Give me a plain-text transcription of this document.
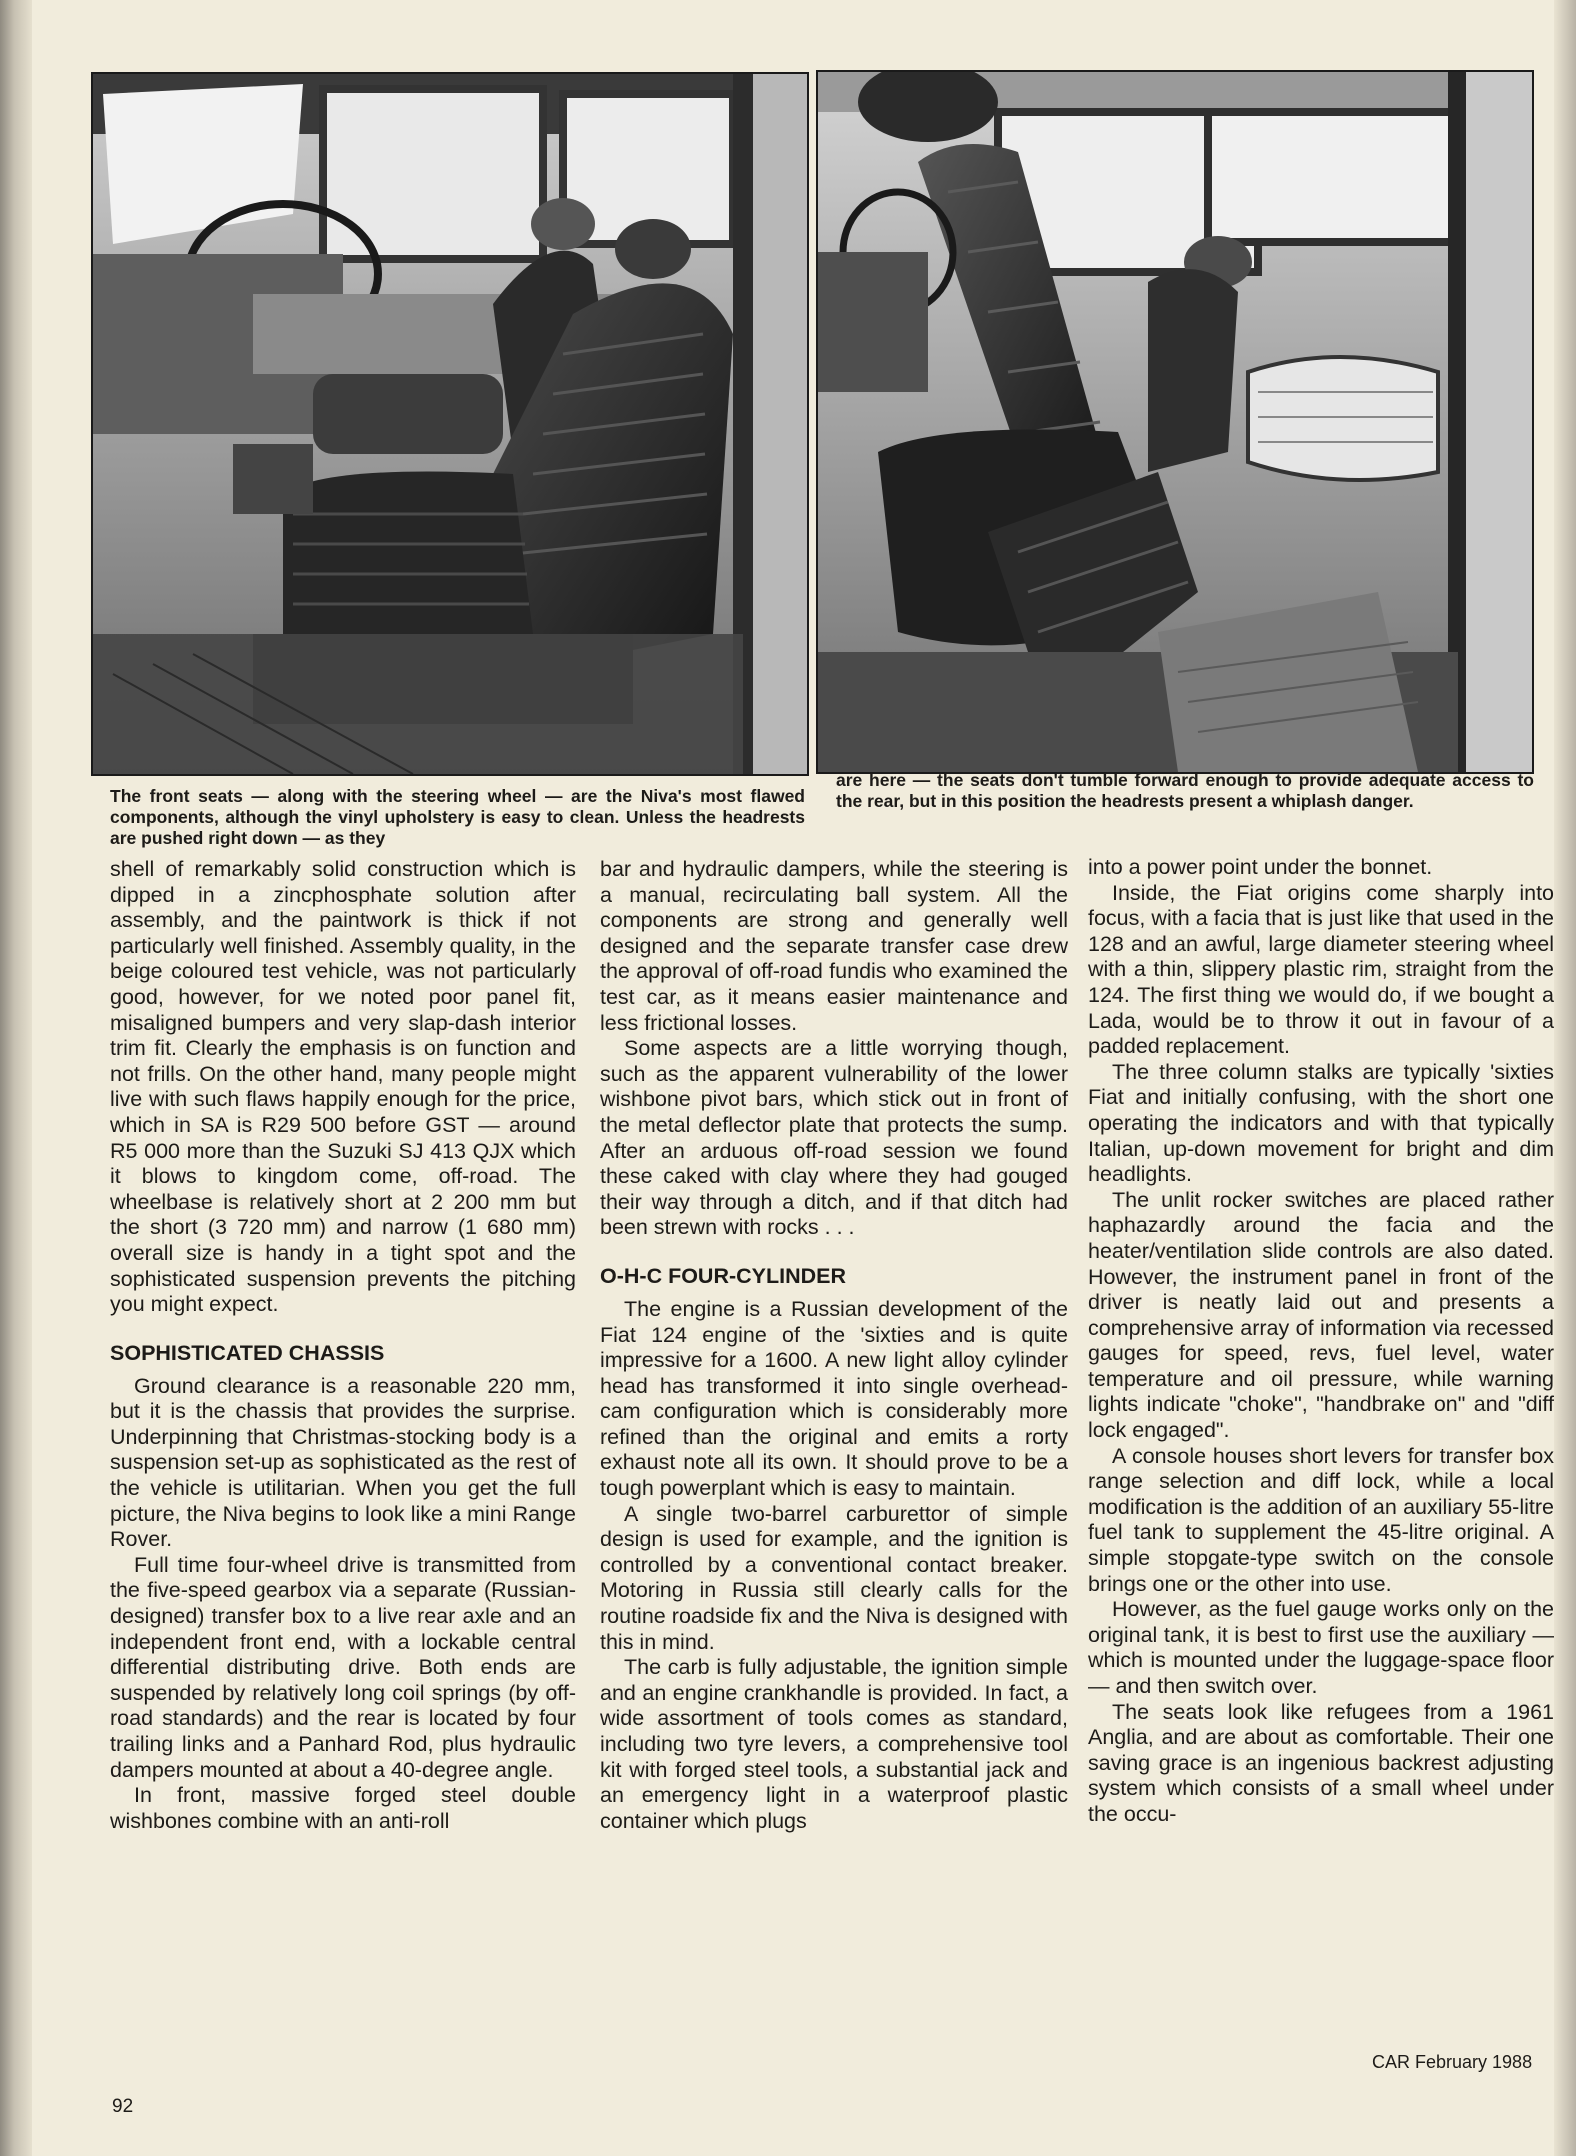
The front seats — along with the steering wheel — are the Niva's most flawed components, although the vinyl upholstery is easy to clean. Unless the headrests are pushed right down — as they

are here — the seats don't tumble forward enough to provide adequate access to the rear, but in this position the headrests present a whiplash danger.

shell of remarkably solid construction which is dipped in a zincphosphate solution after assembly, and the paintwork is thick if not particularly well finished. Assembly quality, in the beige coloured test vehicle, was not particularly good, however, for we noted poor panel fit, misaligned bumpers and very slap-dash interior trim fit. Clearly the emphasis is on function and not frills. On the other hand, many people might live with such flaws happily enough for the price, which in SA is R29 500 before GST — around R5 000 more than the Suzuki SJ 413 QJX which it blows to kingdom come, off-road. The wheelbase is relatively short at 2 200 mm but the short (3 720 mm) and narrow (1 680 mm) overall size is handy in a tight spot and the sophisticated suspension prevents the pitching you might expect.

SOPHISTICATED CHASSIS

Ground clearance is a reasonable 220 mm, but it is the chassis that provides the surprise. Underpinning that Christmas-stocking body is a suspension set-up as sophisticated as the rest of the vehicle is utilitarian. When you get the full picture, the Niva begins to look like a mini Range Rover.

Full time four-wheel drive is transmitted from the five-speed gearbox via a separate (Russian-designed) transfer box to a live rear axle and an independent front end, with a lockable central differential distributing drive. Both ends are suspended by relatively long coil springs (by off-road standards) and the rear is located by four trailing links and a Panhard Rod, plus hydraulic dampers mounted at about a 40-degree angle.

In front, massive forged steel double wishbones combine with an anti-roll

bar and hydraulic dampers, while the steering is a manual, recirculating ball system. All the components are strong and generally well designed and the separate transfer case drew the approval of off-road fundis who examined the test car, as it means easier maintenance and less frictional losses.

Some aspects are a little worrying though, such as the apparent vulnerability of the lower wishbone pivot bars, which stick out in front of the metal deflector plate that protects the sump. After an arduous off-road session we found these caked with clay where they had gouged their way through a ditch, and if that ditch had been strewn with rocks . . .

O-H-C FOUR-CYLINDER

The engine is a Russian development of the Fiat 124 engine of the 'sixties and is quite impressive for a 1600. A new light alloy cylinder head has transformed it into single overhead-cam configuration which is considerably more refined than the original and emits a rorty exhaust note all its own. It should prove to be a tough powerplant which is easy to maintain.

A single two-barrel carburettor of simple design is used for example, and the ignition is controlled by a conventional contact breaker. Motoring in Russia still clearly calls for the routine roadside fix and the Niva is designed with this in mind.

The carb is fully adjustable, the ignition simple and an engine crankhandle is provided. In fact, a wide assortment of tools comes as standard, including two tyre levers, a comprehensive tool kit with forged steel tools, a substantial jack and an emergency light in a waterproof plastic container which plugs

into a power point under the bonnet.

Inside, the Fiat origins come sharply into focus, with a facia that is just like that used in the 128 and an awful, large diameter steering wheel with a thin, slippery plastic rim, straight from the 124. The first thing we would do, if we bought a Lada, would be to throw it out in favour of a padded replacement.

The three column stalks are typically 'sixties Fiat and initially confusing, with the short one operating the indicators and with that typically Italian, up-down movement for bright and dim headlights.

The unlit rocker switches are placed rather haphazardly around the facia and the heater/ventilation slide controls are also dated. However, the instrument panel in front of the driver is neatly laid out and presents a comprehensive array of information via recessed gauges for speed, revs, fuel level, water temperature and oil pressure, while warning lights indicate "choke", "handbrake on" and "diff lock engaged".

A console houses short levers for transfer box range selection and diff lock, while a local modification is the addition of an auxiliary 55-litre fuel tank to supplement the 45-litre original. A simple stopgate-type switch on the console brings one or the other into use.

However, as the fuel gauge works only on the original tank, it is best to first use the auxiliary — which is mounted under the luggage-space floor — and then switch over.

The seats look like refugees from a 1961 Anglia, and are about as comfortable. Their one saving grace is an ingenious backrest adjusting system which consists of a small wheel under the occu-

92
CAR February 1988
